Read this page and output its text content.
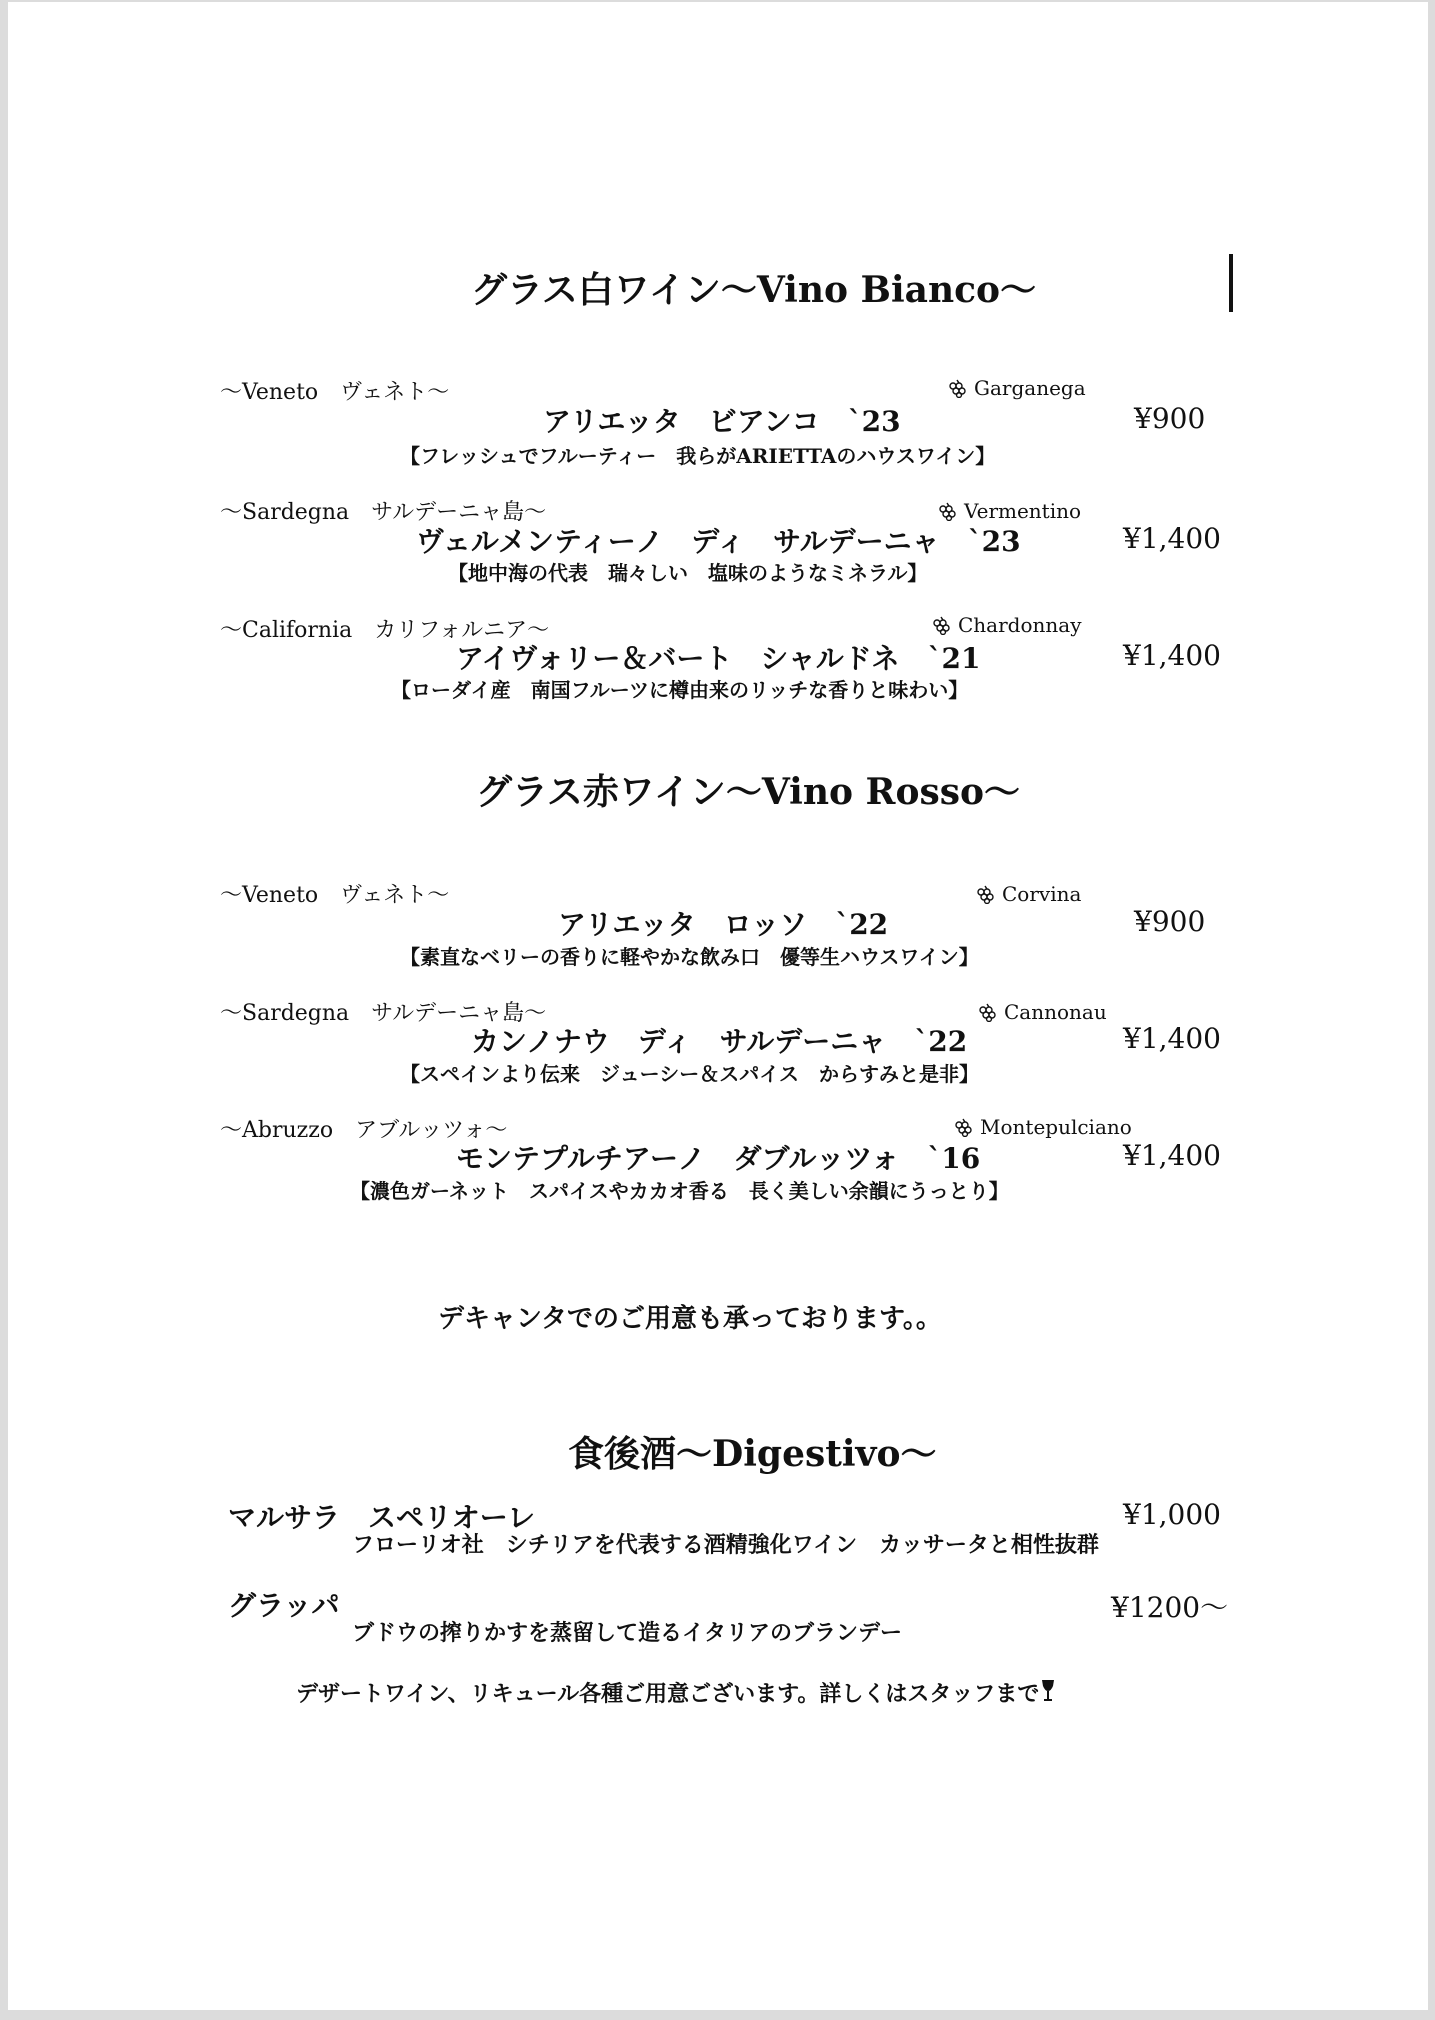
グラス白ワイン～Vino Bianco～
～Veneto　ヴェネト～	Garganega
アリエッタ　ビアンコ　`23	¥900
【フレッシュでフルーティー　我らがARIETTAのハウスワイン】
～Sardegna　サルデーニャ島～	Vermentino
ヴェルメンティーノ　ディ　サルデーニャ　`23	¥1,400
【地中海の代表　瑞々しい　塩味のようなミネラル】
～California　カリフォルニア～	Chardonnay
アイヴォリー＆バート　シャルドネ　`21	¥1,400
【ローダイ産　南国フルーツに樽由来のリッチな香りと味わい】
グラス赤ワイン～Vino Rosso～
～Veneto　ヴェネト～	Corvina
アリエッタ　ロッソ　`22	¥900
【素直なベリーの香りに軽やかな飲み口　優等生ハウスワイン】
～Sardegna　サルデーニャ島～	Cannonau
カンノナウ　ディ　サルデーニャ　`22	¥1,400
【スペインより伝来　ジューシー＆スパイス　からすみと是非】
～Abruzzo　アブルッツォ～	Montepulciano
モンテプルチアーノ　ダブルッツォ　`16	¥1,400
【濃色ガーネット　スパイスやカカオ香る　長く美しい余韻にうっとり】
デキャンタでのご用意も承っております。。
食後酒～Digestivo～
マルサラ　スペリオーレ	¥1,000
フローリオ社　シチリアを代表する酒精強化ワイン　カッサータと相性抜群
グラッパ	¥1200～
ブドウの搾りかすを蒸留して造るイタリアのブランデー
デザートワイン、リキュール各種ご用意ございます。詳しくはスタッフまで
